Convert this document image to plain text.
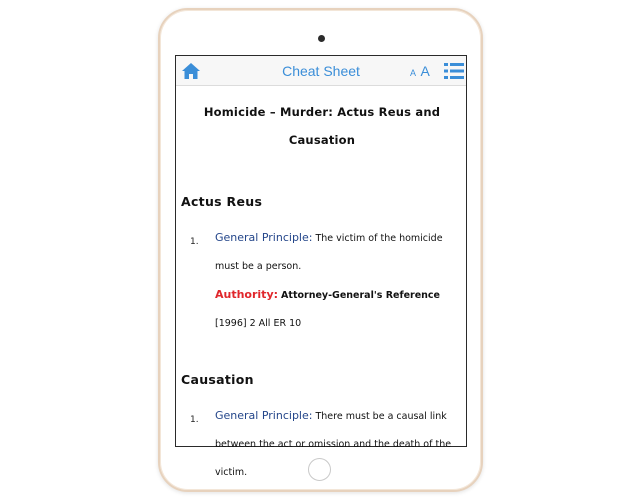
Cheat Sheet	A A
Homicide – Murder: Actus Reus and Causation
Actus Reus
1. General Principle: The victim of the homicide must be a person.
Authority: Attorney-General's Reference
[1996] 2 All ER 10
Causation
1. General Principle: There must be a causal link between the act or omission and the death of the victim.
